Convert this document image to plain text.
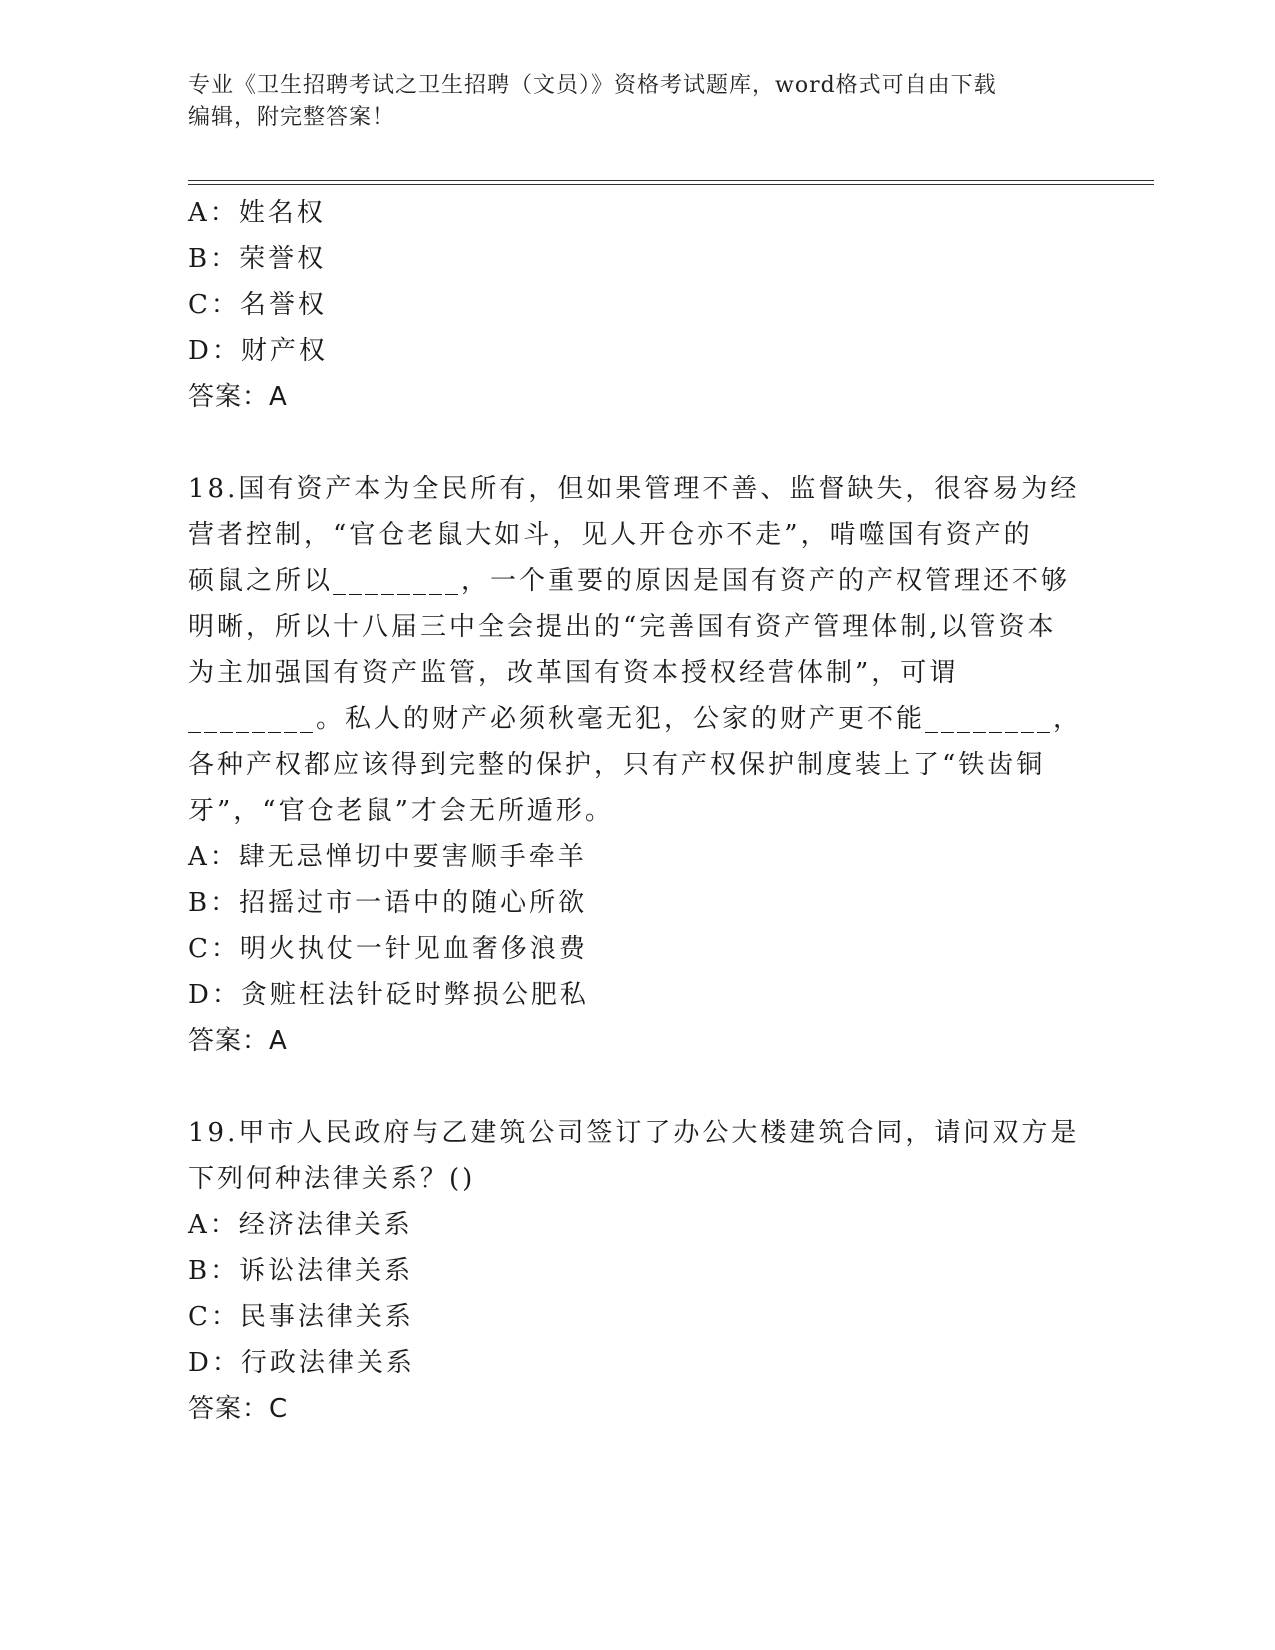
专业《卫生招聘考试之卫生招聘（文员）》资格考试题库，word格式可自由下载
编辑，附完整答案！
A：姓名权
B：荣誉权
C：名誉权
D：财产权
答案：A
18.国有资产本为全民所有，但如果管理不善、监督缺失，很容易为经
营者控制，“官仓老鼠大如斗，见人开仓亦不走”，啃噬国有资产的
硕鼠之所以________，一个重要的原因是国有资产的产权管理还不够
明晰，所以十八届三中全会提出的“完善国有资产管理体制,以管资本
为主加强国有资产监管，改革国有资本授权经营体制”，可谓
________。私人的财产必须秋毫无犯，公家的财产更不能________，
各种产权都应该得到完整的保护，只有产权保护制度装上了“铁齿铜
牙”，“官仓老鼠”才会无所遁形。
A：肆无忌惮切中要害顺手牵羊
B：招摇过市一语中的随心所欲
C：明火执仗一针见血奢侈浪费
D：贪赃枉法针砭时弊损公肥私
答案：A
19.甲市人民政府与乙建筑公司签订了办公大楼建筑合同，请问双方是
下列何种法律关系？()
A：经济法律关系
B：诉讼法律关系
C：民事法律关系
D：行政法律关系
答案：C
